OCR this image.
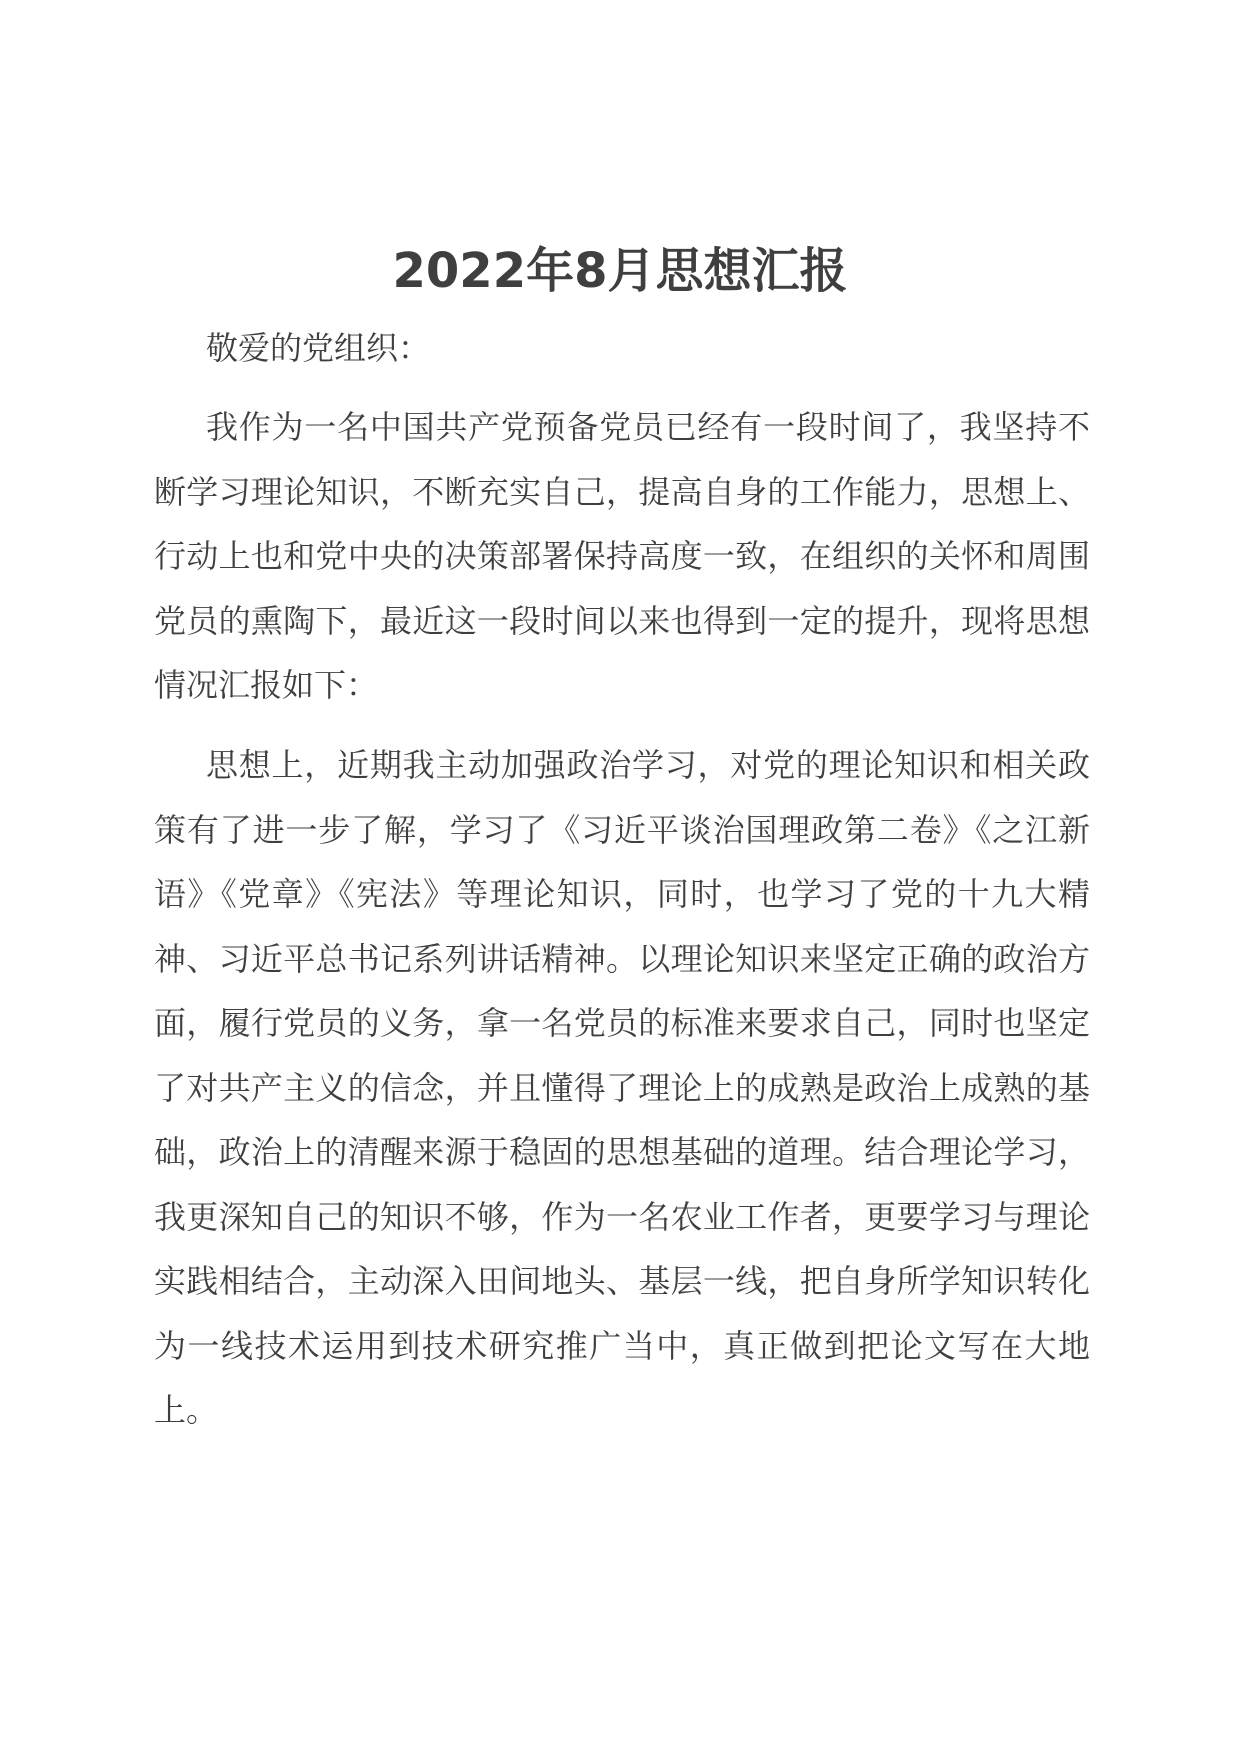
2022年8月思想汇报

敬爱的党组织：

我作为一名中国共产党预备党员已经有一段时间了，我坚持不断学习理论知识，不断充实自己，提高自身的工作能力，思想上、行动上也和党中央的决策部署保持高度一致，在组织的关怀和周围党员的熏陶下，最近这一段时间以来也得到一定的提升，现将思想情况汇报如下：

思想上，近期我主动加强政治学习，对党的理论知识和相关政策有了进一步了解，学习了《习近平谈治国理政第二卷》《之江新语》《党章》《宪法》等理论知识，同时，也学习了党的十九大精神、习近平总书记系列讲话精神。以理论知识来坚定正确的政治方面，履行党员的义务，拿一名党员的标准来要求自己，同时也坚定了对共产主义的信念，并且懂得了理论上的成熟是政治上成熟的基础，政治上的清醒来源于稳固的思想基础的道理。结合理论学习，我更深知自己的知识不够，作为一名农业工作者，更要学习与理论实践相结合，主动深入田间地头、基层一线，把自身所学知识转化为一线技术运用到技术研究推广当中，真正做到把论文写在大地上。
